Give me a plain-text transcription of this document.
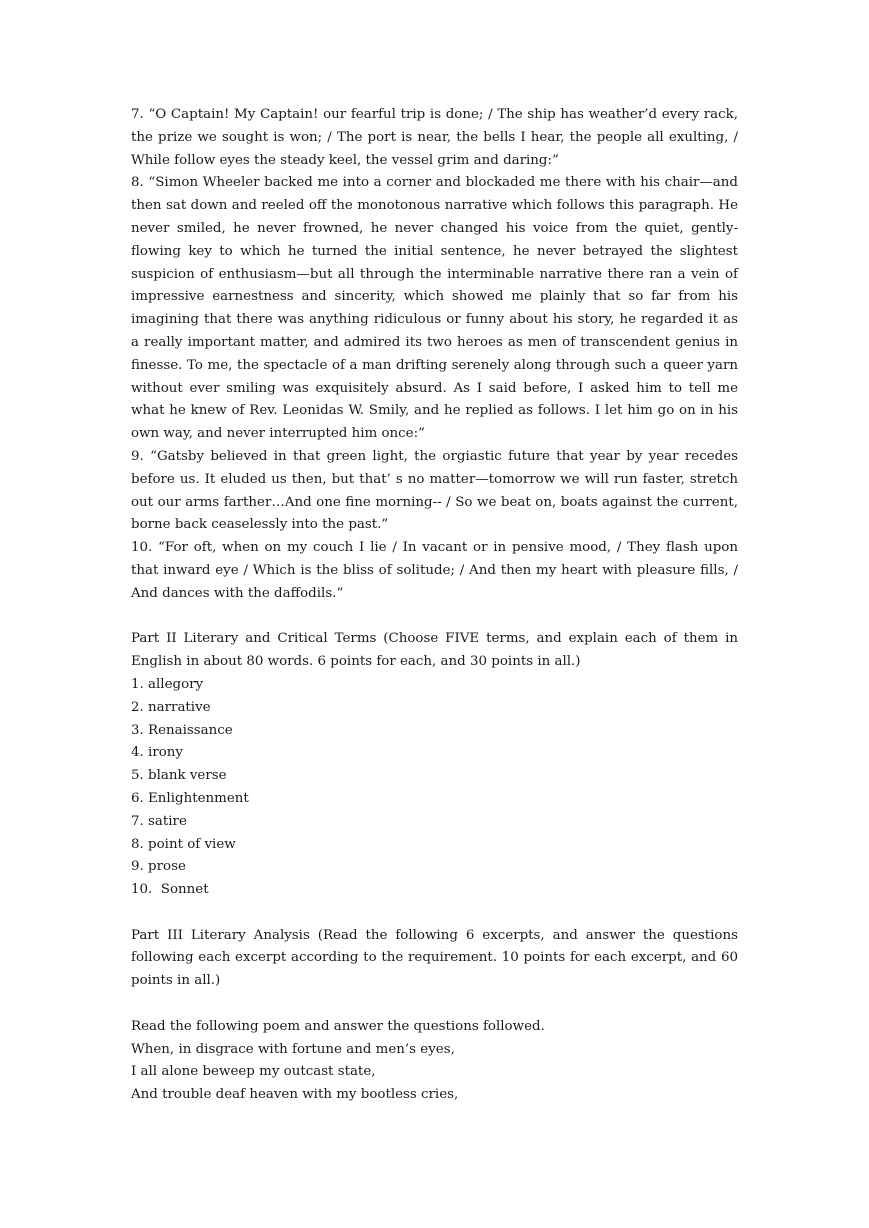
7. “O Captain! My Captain! our fearful trip is done; / The ship has weather’d every rack, the prize we sought is won; / The port is near, the bells I hear, the people all exulting, / While follow eyes the steady keel, the vessel grim and daring:”

8. “Simon Wheeler backed me into a corner and blockaded me there with his chair—and then sat down and reeled off the monotonous narrative which follows this paragraph. He never smiled, he never frowned, he never changed his voice from the quiet, gently-flowing key to which he turned the initial sentence, he never betrayed the slightest suspicion of enthusiasm—but all through the interminable narrative there ran a vein of impressive earnestness and sincerity, which showed me plainly that so far from his imagining that there was anything ridiculous or funny about his story, he regarded it as a really important matter, and admired its two heroes as men of transcendent genius in finesse. To me, the spectacle of a man drifting serenely along through such a queer yarn without ever smiling was exquisitely absurd. As I said before, I asked him to tell me what he knew of Rev. Leonidas W. Smily, and he replied as follows. I let him go on in his own way, and never interrupted him once:”

9. “Gatsby believed in that green light, the orgiastic future that year by year recedes before us. It eluded us then, but that’ s no matter—tomorrow we will run faster, stretch out our arms farther…And one fine morning-- / So we beat on, boats against the current, borne back ceaselessly into the past.”

10. “For oft, when on my couch I lie / In vacant or in pensive mood, / They flash upon that inward eye / Which is the bliss of solitude; / And then my heart with pleasure fills, / And dances with the daffodils.”

Part II Literary and Critical Terms (Choose FIVE terms, and explain each of them in English in about 80 words. 6 points for each, and 30 points in all.)

1. allegory

2. narrative

3. Renaissance

4. irony

5. blank verse

6. Enlightenment

7. satire

8. point of view

9. prose

10.  Sonnet

Part III Literary Analysis (Read the following 6 excerpts, and answer the questions following each excerpt according to the requirement. 10 points for each excerpt, and 60 points in all.)

Read the following poem and answer the questions followed.

When, in disgrace with fortune and men’s eyes,

I all alone beweep my outcast state,

And trouble deaf heaven with my bootless cries,
